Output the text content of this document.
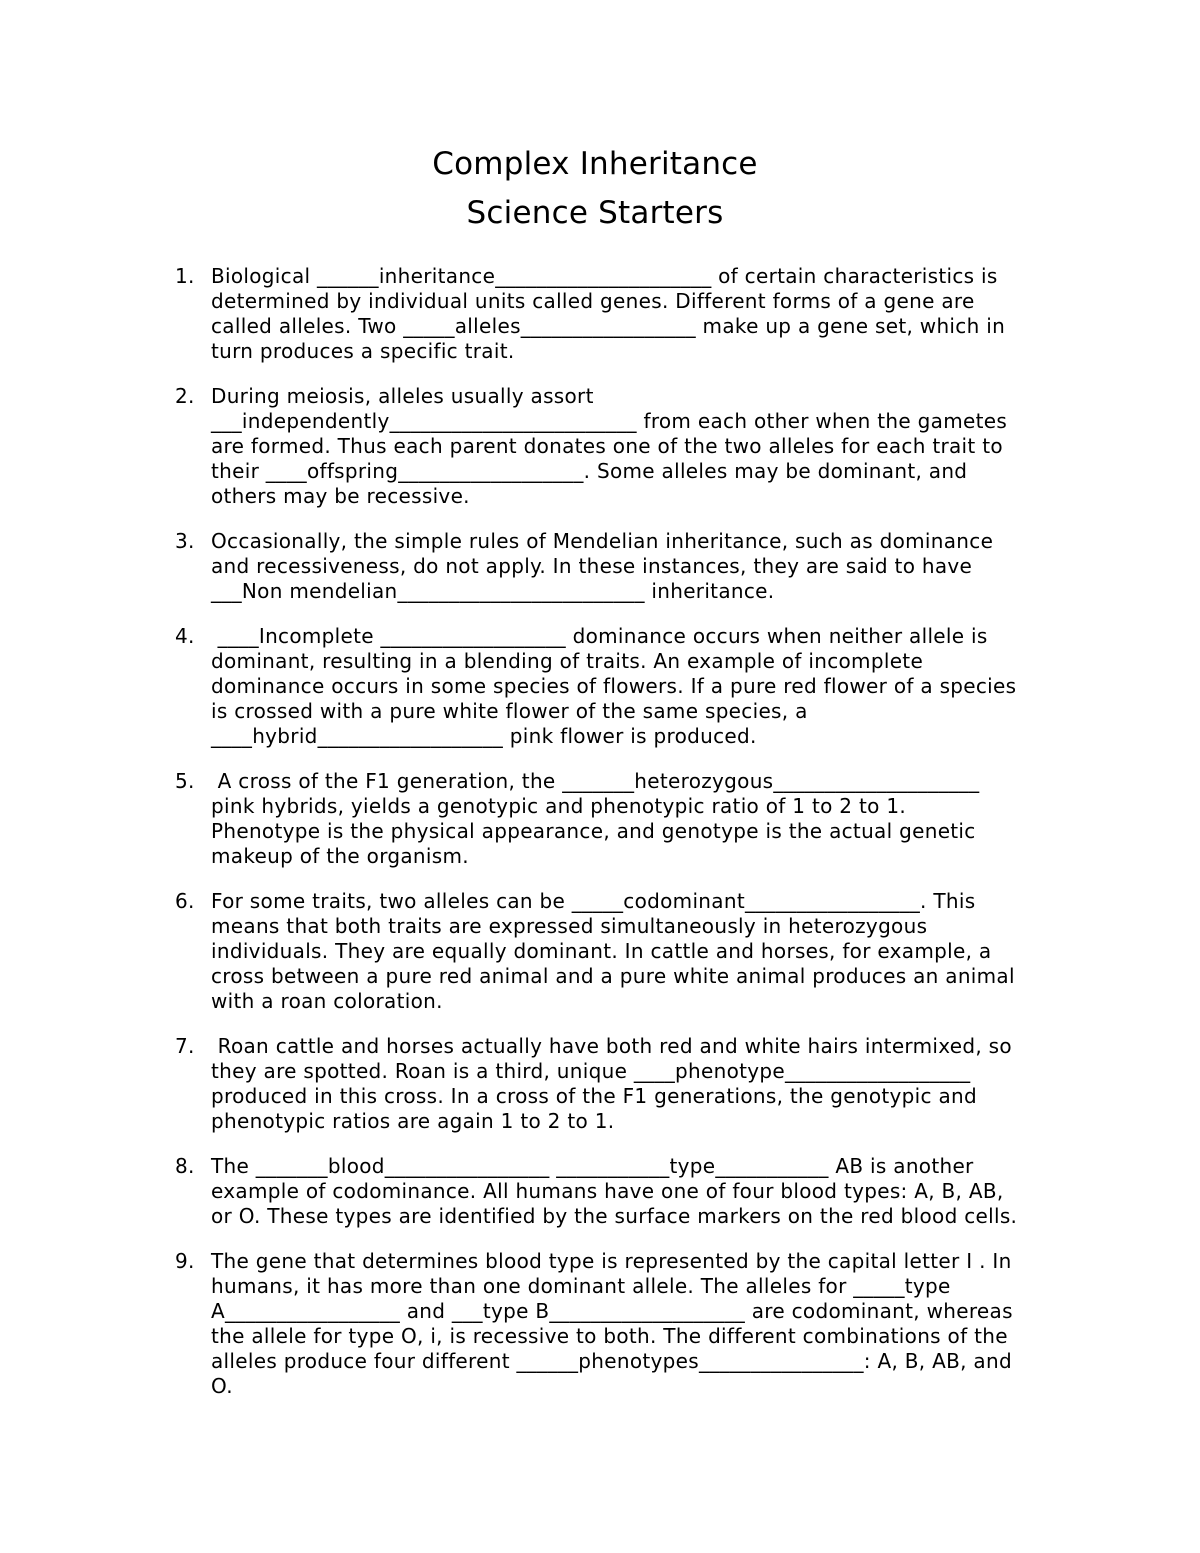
Complex Inheritance
Science Starters
1. Biological ______inheritance_____________________ of certain characteristics is
determined by individual units called genes. Different forms of a gene are
called alleles. Two _____alleles_________________ make up a gene set, which in
turn produces a specific trait.
2. During meiosis, alleles usually assort
___independently________________________ from each other when the gametes
are formed. Thus each parent donates one of the two alleles for each trait to
their ____offspring__________________. Some alleles may be dominant, and
others may be recessive.
3. Occasionally, the simple rules of Mendelian inheritance, such as dominance
and recessiveness, do not apply. In these instances, they are said to have
___Non mendelian________________________ inheritance.
4. ____Incomplete __________________ dominance occurs when neither allele is
dominant, resulting in a blending of traits. An example of incomplete
dominance occurs in some species of flowers. If a pure red flower of a species
is crossed with a pure white flower of the same species, a
____hybrid__________________ pink flower is produced.
5. A cross of the F1 generation, the _______heterozygous____________________
pink hybrids, yields a genotypic and phenotypic ratio of 1 to 2 to 1.
Phenotype is the physical appearance, and genotype is the actual genetic
makeup of the organism.
6. For some traits, two alleles can be _____codominant_________________. This
means that both traits are expressed simultaneously in heterozygous
individuals. They are equally dominant. In cattle and horses, for example, a
cross between a pure red animal and a pure white animal produces an animal
with a roan coloration.
7. Roan cattle and horses actually have both red and white hairs intermixed, so
they are spotted. Roan is a third, unique ____phenotype__________________
produced in this cross. In a cross of the F1 generations, the genotypic and
phenotypic ratios are again 1 to 2 to 1.
8. The _______blood________________ ___________type___________ AB is another
example of codominance. All humans have one of four blood types: A, B, AB,
or O. These types are identified by the surface markers on the red blood cells.
9. The gene that determines blood type is represented by the capital letter I . In
humans, it has more than one dominant allele. The alleles for _____type
A_________________ and ___type B___________________ are codominant, whereas
the allele for type O, i, is recessive to both. The different combinations of the
alleles produce four different ______phenotypes________________: A, B, AB, and
O.
